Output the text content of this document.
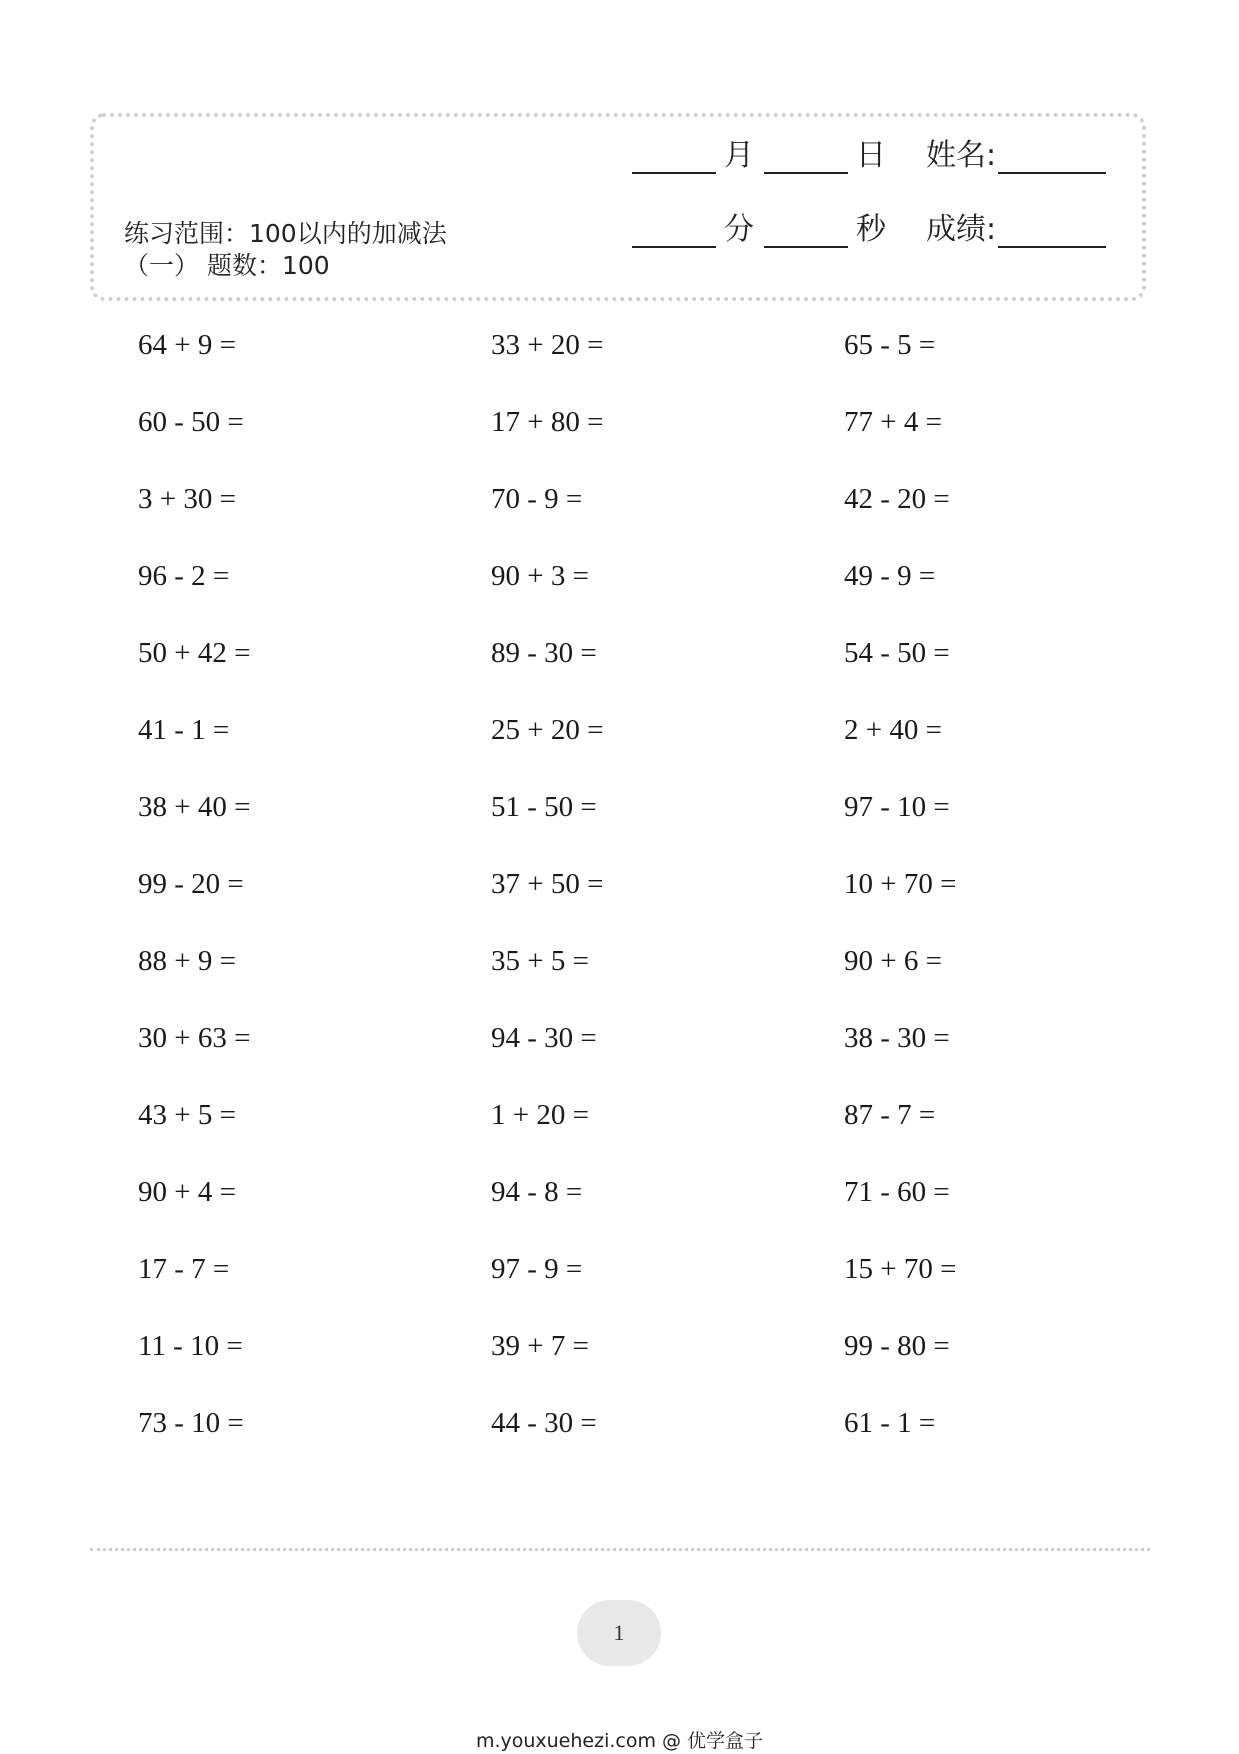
练习范围：100以内的加减法
（一） 题数：100
月	日 姓名:
分	秒 成绩:
64 + 9 =	33 + 20 =	65 - 5 =
60 - 50 =	17 + 80 =	77 + 4 =
3 + 30 =	70 - 9 =	42 - 20 =
96 - 2 =	90 + 3 =	49 - 9 =
50 + 42 =	89 - 30 =	54 - 50 =
41 - 1 =	25 + 20 =	2 + 40 =
38 + 40 =	51 - 50 =	97 - 10 =
99 - 20 =	37 + 50 =	10 + 70 =
88 + 9 =	35 + 5 =	90 + 6 =
30 + 63 =	94 - 30 =	38 - 30 =
43 + 5 =	1 + 20 =	87 - 7 =
90 + 4 =	94 - 8 =	71 - 60 =
17 - 7 =	97 - 9 =	15 + 70 =
11 - 10 =	39 + 7 =	99 - 80 =
73 - 10 =	44 - 30 =	61 - 1 =
1
m.youxuehezi.com @ 优学盒子
